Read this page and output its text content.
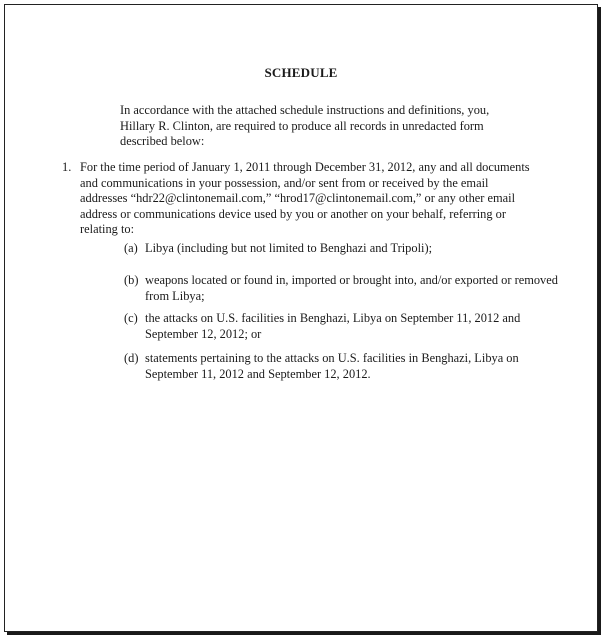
SCHEDULE
In accordance with the attached schedule instructions and definitions, you,
Hillary R. Clinton, are required to produce all records in unredacted form
described below:
1. For the time period of January 1, 2011 through December 31, 2012, any and all documents
and communications in your possession, and/or sent from or received by the email
addresses “hdr22@clintonemail.com,” “hrod17@clintonemail.com,” or any other email
address or communications device used by you or another on your behalf, referring or
relating to:
(a) Libya (including but not limited to Benghazi and Tripoli);
(b) weapons located or found in, imported or brought into, and/or exported or removed
from Libya;
(c) the attacks on U.S. facilities in Benghazi, Libya on September 11, 2012 and
September 12, 2012; or
(d) statements pertaining to the attacks on U.S. facilities in Benghazi, Libya on
September 11, 2012 and September 12, 2012.
